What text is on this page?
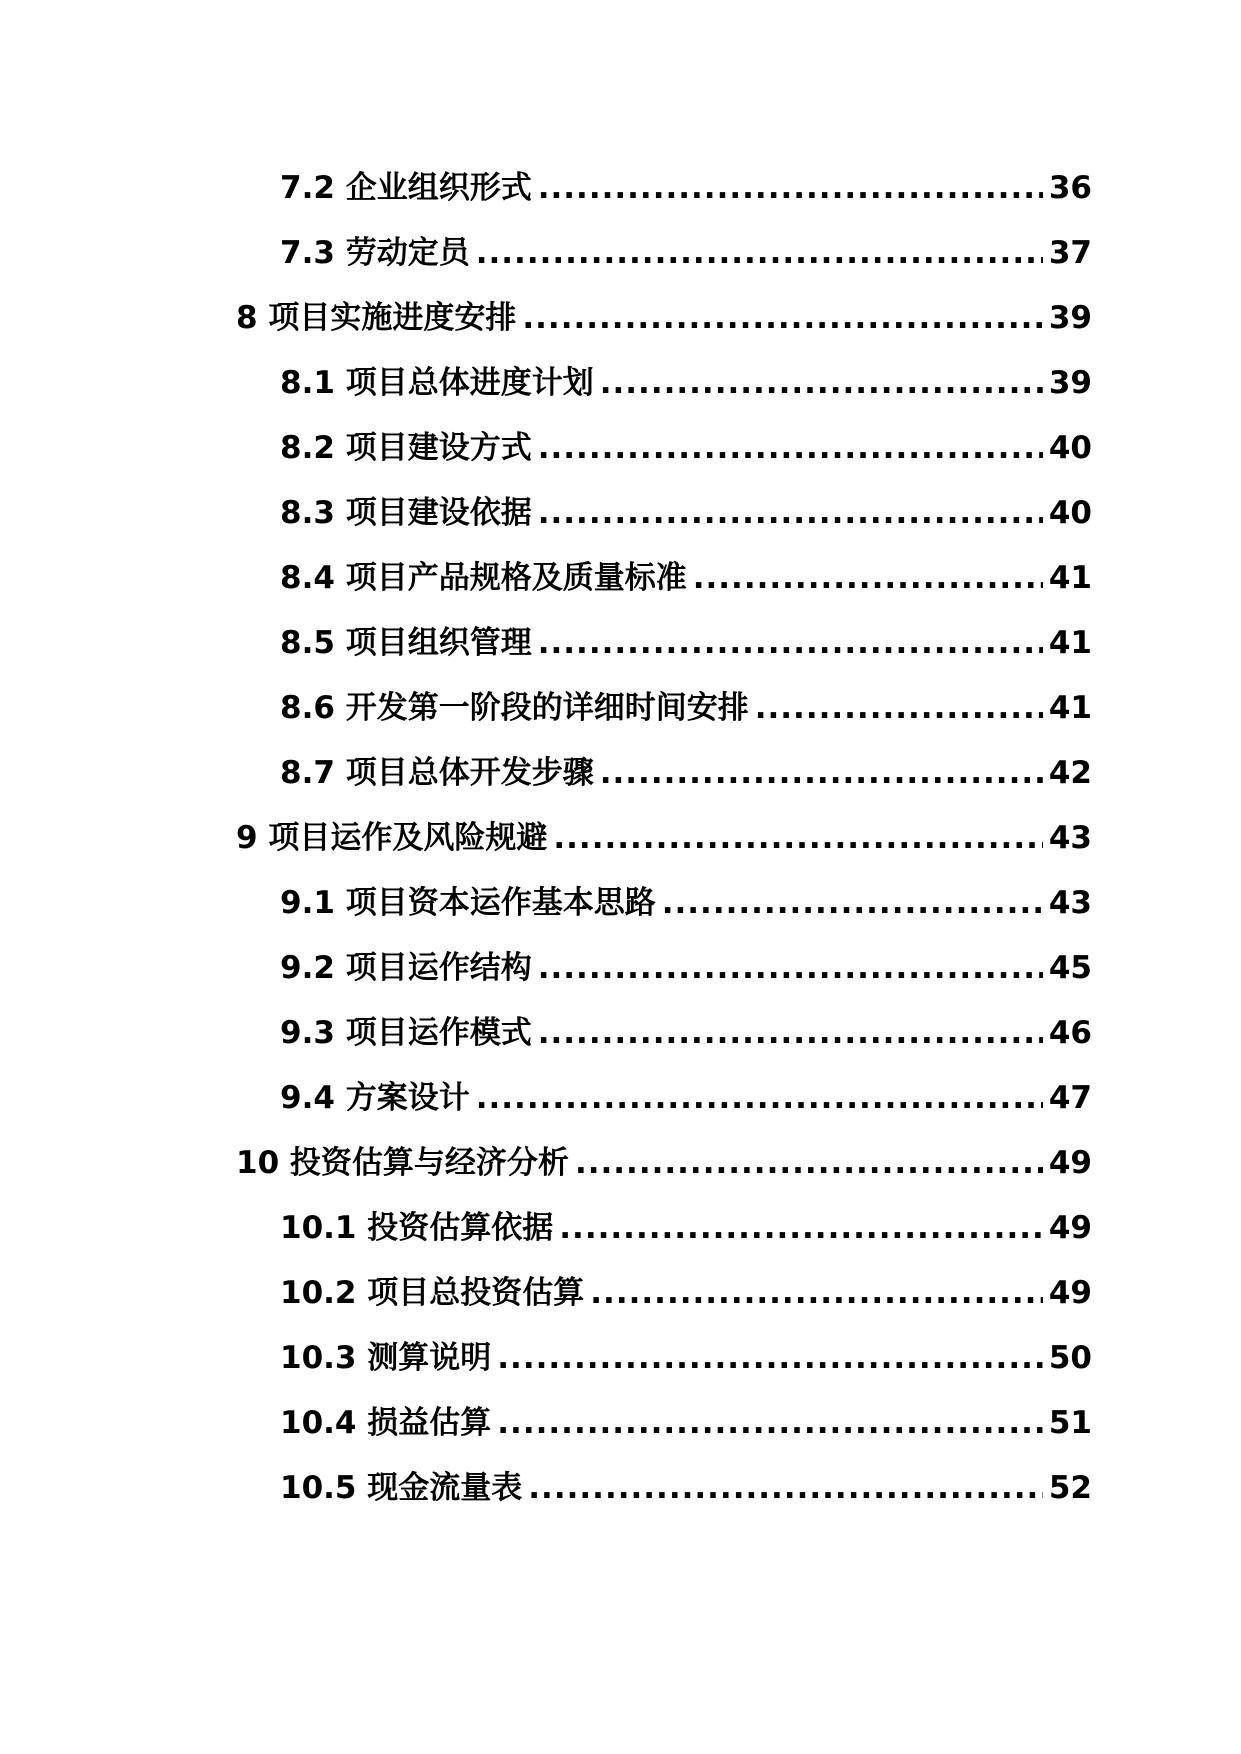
7.2 企业组织形式 .....	36
7.3 劳动定员 .....	37
8 项目实施进度安排 .....	39
8.1 项目总体进度计划 .....	39
8.2 项目建设方式 .....	40
8.3 项目建设依据 .....	40
8.4 项目产品规格及质量标准 .....	41
8.5 项目组织管理 .....	41
8.6 开发第一阶段的详细时间安排 .....	41
8.7 项目总体开发步骤 .....	42
9 项目运作及风险规避 .....	43
9.1 项目资本运作基本思路 .....	43
9.2 项目运作结构 .....	45
9.3 项目运作模式 .....	46
9.4 方案设计 .....	47
10 投资估算与经济分析 .....	49
10.1 投资估算依据 .....	49
10.2 项目总投资估算 .....	49
10.3 测算说明 .....	50
10.4 损益估算 .....	51
10.5 现金流量表 .....	52
